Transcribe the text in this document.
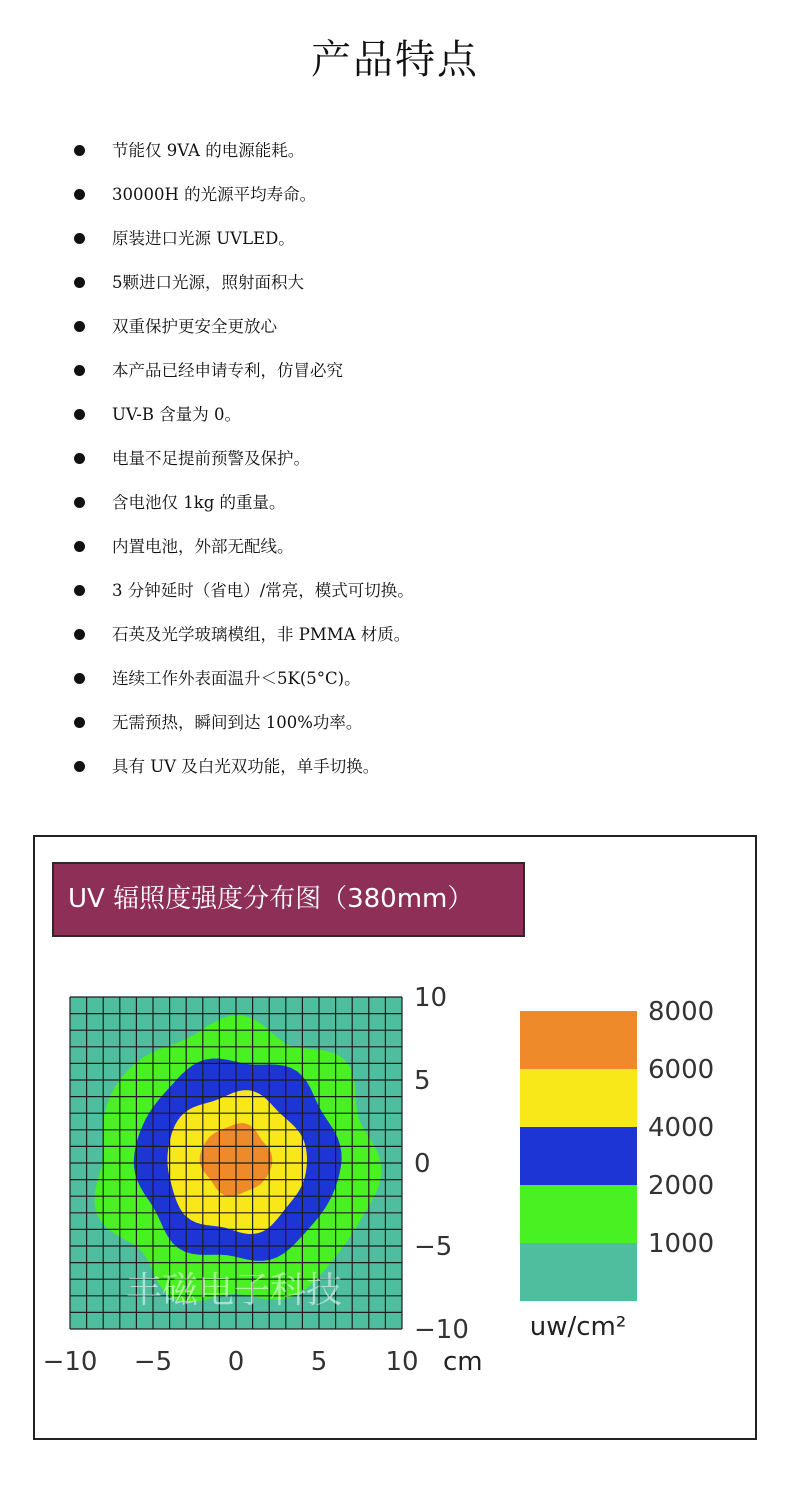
产品特点
节能仅 9VA 的电源能耗。
30000H 的光源平均寿命。
原装进口光源 UVLED。
5颗进口光源，照射面积大
双重保护更安全更放心
本产品已经申请专利，仿冒必究
UV-B 含量为 0。
电量不足提前预警及保护。
含电池仅 1kg 的重量。
内置电池，外部无配线。
3 分钟延时（省电）/常亮，模式可切换。
石英及光学玻璃模组，非 PMMA 材质。
连续工作外表面温升＜5K(5°C)。
无需预热，瞬间到达 100%功率。
具有 UV 及白光双功能，单手切换。
UV 辐照度强度分布图（380mm）
丰磁电子科技
−10 −5 0	5 10
10
5
0
−5
−10
cm
8000
6000
4000
2000
1000
uw/cm²
